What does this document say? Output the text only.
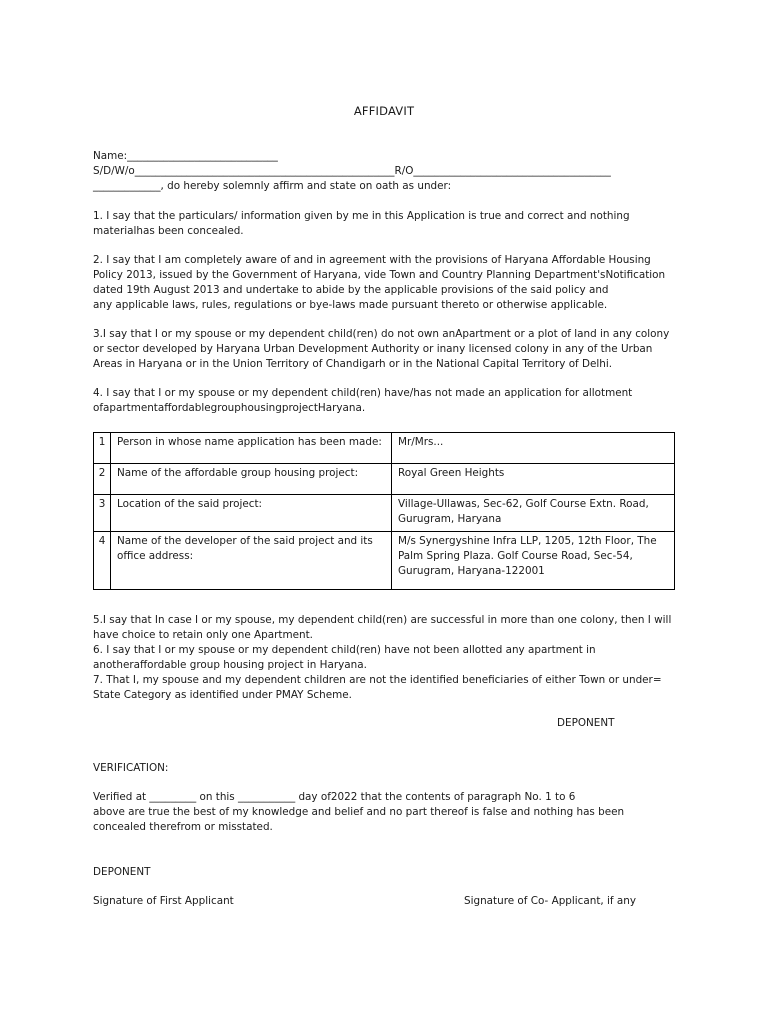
AFFIDAVIT
Name:_____________________________
S/D/W/o__________________________________________________R/O______________________________________
_____________, do hereby solemnly affirm and state on oath as under:
1. I say that the particulars/ information given by me in this Application is true and correct and nothing
materialhas been concealed.
2. I say that I am completely aware of and in agreement with the provisions of Haryana Affordable Housing
Policy 2013, issued by the Government of Haryana, vide Town and Country Planning Department'sNotification
dated 19th August 2013 and undertake to abide by the applicable provisions of the said policy and
any applicable laws, rules, regulations or bye-laws made pursuant thereto or otherwise applicable.
3.I say that I or my spouse or my dependent child(ren) do not own anApartment or a plot of land in any colony
or sector developed by Haryana Urban Development Authority or inany licensed colony in any of the Urban
Areas in Haryana or in the Union Territory of Chandigarh or in the National Capital Territory of Delhi.
4. I say that I or my spouse or my dependent child(ren) have/has not made an application for allotment
ofapartmentaffordablegrouphousingprojectHaryana.
1	Person in whose name application has been made:	Mr/Mrs...
2	Name of the affordable group housing project:	Royal Green Heights
3	Location of the said project:	Village-Ullawas, Sec-62, Golf Course Extn. Road,
Gurugram, Haryana

4	Name of the developer of the said project and its office address:	M/s Synergyshine Infra LLP, 1205, 12th Floor, The
Palm Spring Plaza. Golf Course Road, Sec-54,
Gurugram, Haryana-122001
5.I say that In case I or my spouse, my dependent child(ren) are successful in more than one colony, then I will
have choice to retain only one Apartment.
6. I say that I or my spouse or my dependent child(ren) have not been allotted any apartment in
anotheraffordable group housing project in Haryana.
7. That I, my spouse and my dependent children are not the identified beneficiaries of either Town or under=
State Category as identified under PMAY Scheme.
DEPONENT
VERIFICATION:
Verified at _________ on this ___________ day of2022 that the contents of paragraph No. 1 to 6
above are true the best of my knowledge and belief and no part thereof is false and nothing has been
concealed therefrom or misstated.
DEPONENT
Signature of First Applicant	Signature of Co- Applicant, if any
